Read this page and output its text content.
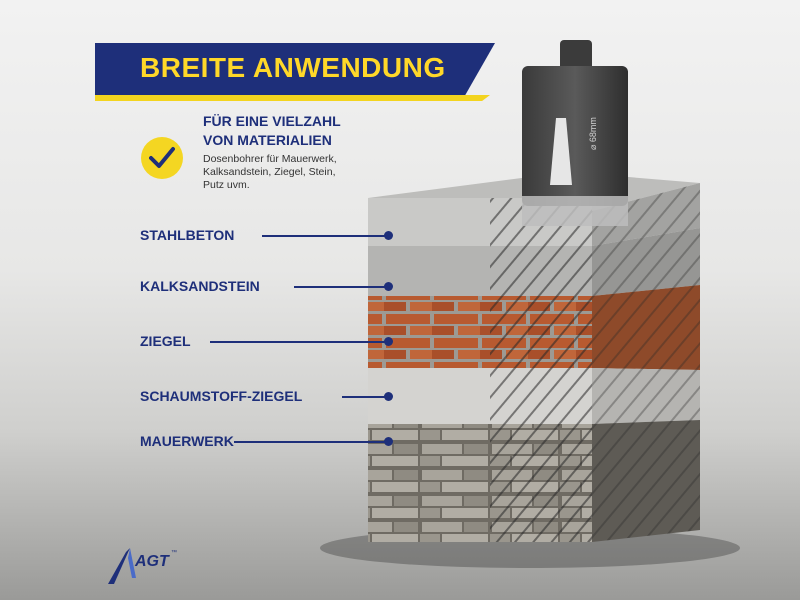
BREITE ANWENDUNG
FÜR EINE VIELZAHL
VON MATERIALIEN
Dosenbohrer für Mauerwerk,
Kalksandstein, Ziegel, Stein,
Putz uvm.
STAHLBETON
KALKSANDSTEIN
ZIEGEL
SCHAUMSTOFF-ZIEGEL
MAUERWERK
⌀ 68mm
AGT ™
